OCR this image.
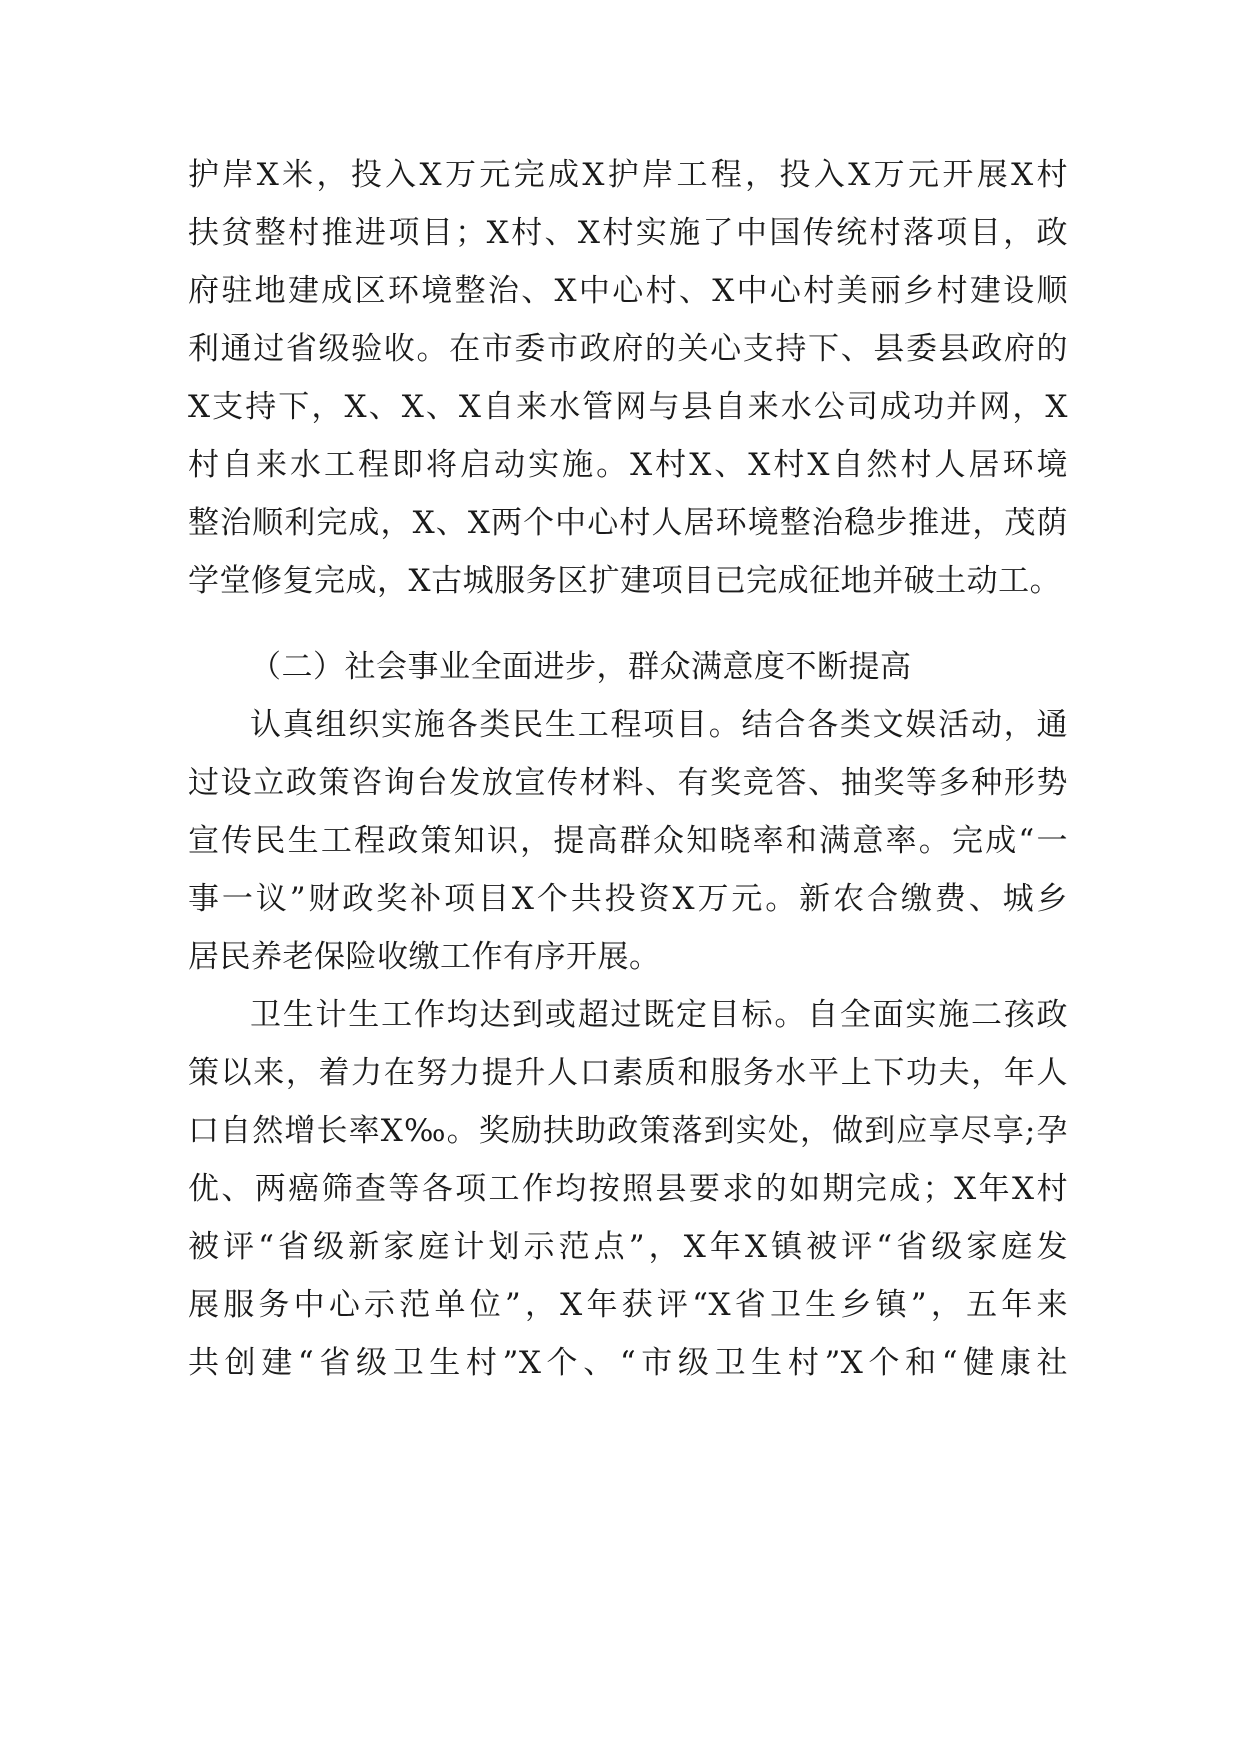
护岸X米，投入X万元完成X护岸工程，投入X万元开展X村
扶贫整村推进项目；X村、X村实施了中国传统村落项目，政
府驻地建成区环境整治、X中心村、X中心村美丽乡村建设顺
利通过省级验收。在市委市政府的关心支持下、县委县政府的
X支持下，X、X、X自来水管网与县自来水公司成功并网，X
村自来水工程即将启动实施。X村X、X村X自然村人居环境
整治顺利完成，X、X两个中心村人居环境整治稳步推进，茂荫
学堂修复完成，X古城服务区扩建项目已完成征地并破土动工。
（二）社会事业全面进步，群众满意度不断提高
认真组织实施各类民生工程项目。结合各类文娱活动，通
过设立政策咨询台发放宣传材料、有奖竞答、抽奖等多种形势
宣传民生工程政策知识，提高群众知晓率和满意率。完成“一
事一议”财政奖补项目X个共投资X万元。新农合缴费、城乡
居民养老保险收缴工作有序开展。
卫生计生工作均达到或超过既定目标。自全面实施二孩政
策以来，着力在努力提升人口素质和服务水平上下功夫，年人
口自然增长率X‰。奖励扶助政策落到实处，做到应享尽享;孕
优、两癌筛查等各项工作均按照县要求的如期完成；X年X村
被评“省级新家庭计划示范点”，X年X镇被评“省级家庭发
展服务中心示范单位”，X年获评“X省卫生乡镇”，五年来
共创建“省级卫生村”X个、“市级卫生村”X个和“健康社
